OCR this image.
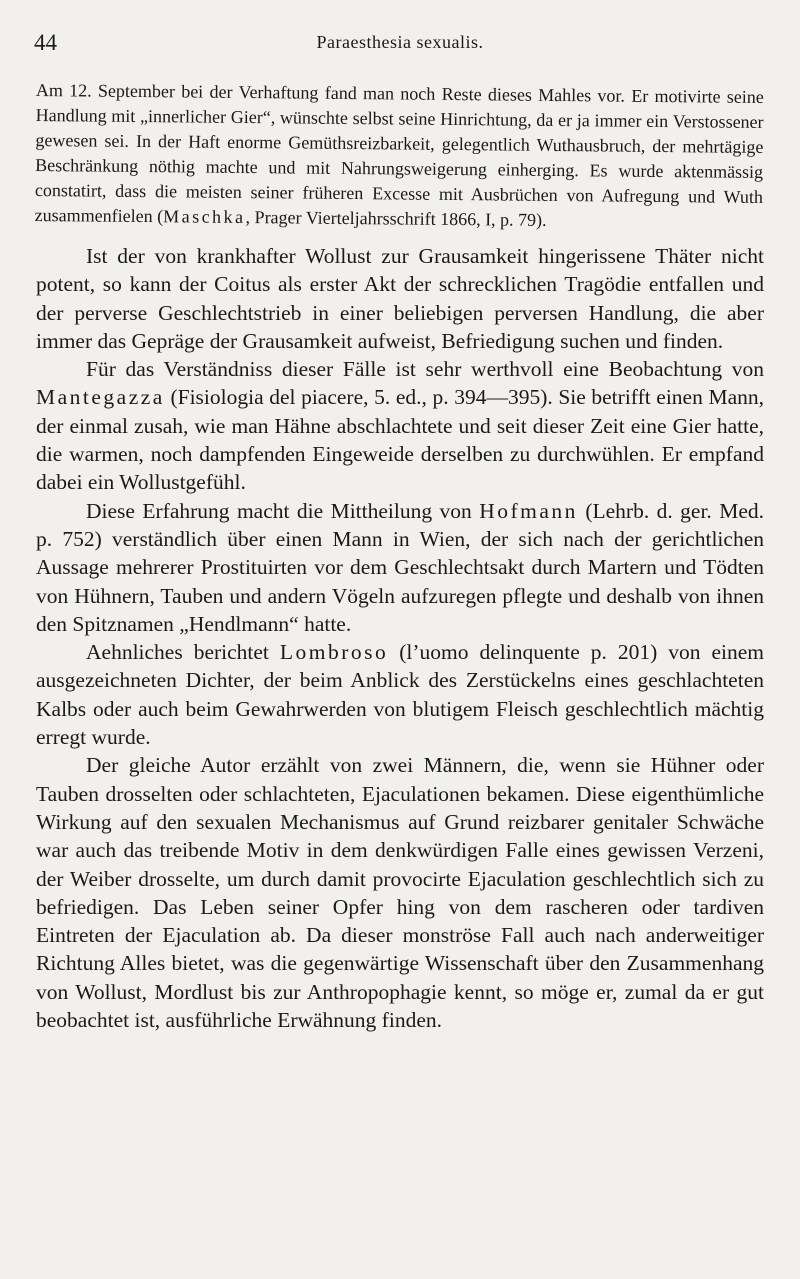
44	Paraesthesia sexualis.

Am 12. September bei der Verhaftung fand man noch Reste dieses Mahles vor. Er motivirte seine Handlung mit „innerlicher Gier“, wünschte selbst seine Hinrichtung, da er ja immer ein Verstossener gewesen sei. In der Haft enorme Gemüthsreizbarkeit, gelegentlich Wuthausbruch, der mehrtägige Beschränkung nöthig machte und mit Nahrungsweigerung einherging. Es wurde aktenmässig constatirt, dass die meisten seiner früheren Excesse mit Ausbrüchen von Aufregung und Wuth zusammenfielen (Maschka, Prager Vierteljahrsschrift 1866, I, p. 79).

Ist der von krankhafter Wollust zur Grausamkeit hingerissene Thäter nicht potent, so kann der Coitus als erster Akt der schrecklichen Tragödie entfallen und der perverse Geschlechtstrieb in einer beliebigen perversen Handlung, die aber immer das Gepräge der Grausamkeit aufweist, Befriedigung suchen und finden.

Für das Verständniss dieser Fälle ist sehr werthvoll eine Beobachtung von Mantegazza (Fisiologia del piacere, 5. ed., p. 394—395). Sie betrifft einen Mann, der einmal zusah, wie man Hähne abschlachtete und seit dieser Zeit eine Gier hatte, die warmen, noch dampfenden Eingeweide derselben zu durchwühlen. Er empfand dabei ein Wollustgefühl.

Diese Erfahrung macht die Mittheilung von Hofmann (Lehrb. d. ger. Med. p. 752) verständlich über einen Mann in Wien, der sich nach der gerichtlichen Aussage mehrerer Prostituirten vor dem Geschlechtsakt durch Martern und Tödten von Hühnern, Tauben und andern Vögeln aufzuregen pflegte und deshalb von ihnen den Spitznamen „Hendlmann“ hatte.

Aehnliches berichtet Lombroso (l’uomo delinquente p. 201) von einem ausgezeichneten Dichter, der beim Anblick des Zerstückelns eines geschlachteten Kalbs oder auch beim Gewahrwerden von blutigem Fleisch geschlechtlich mächtig erregt wurde.

Der gleiche Autor erzählt von zwei Männern, die, wenn sie Hühner oder Tauben drosselten oder schlachteten, Ejaculationen bekamen. Diese eigenthümliche Wirkung auf den sexualen Mechanismus auf Grund reizbarer genitaler Schwäche war auch das treibende Motiv in dem denkwürdigen Falle eines gewissen Verzeni, der Weiber drosselte, um durch damit provocirte Ejaculation geschlechtlich sich zu befriedigen. Das Leben seiner Opfer hing von dem rascheren oder tardiven Eintreten der Ejaculation ab. Da dieser monströse Fall auch nach anderweitiger Richtung Alles bietet, was die gegenwärtige Wissenschaft über den Zusammenhang von Wollust, Mordlust bis zur Anthropophagie kennt, so möge er, zumal da er gut beobachtet ist, ausführliche Erwähnung finden.
